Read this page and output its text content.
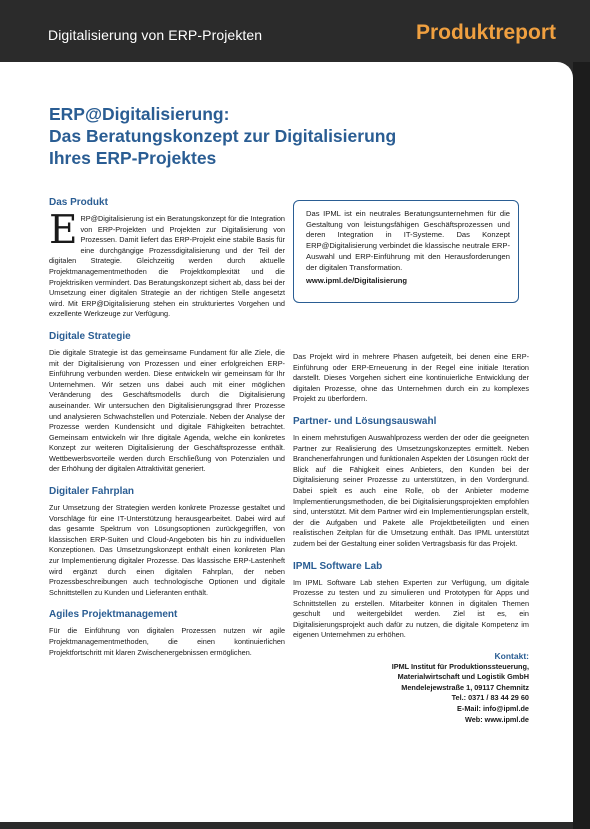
Digitalisierung von ERP-Projekten	Produktreport
ERP@Digitalisierung:
Das Beratungskonzept zur Digitalisierung
Ihres ERP-Projektes
Das Produkt

ERP@Digitalisierung ist ein Beratungskonzept für die Integration von ERP-Projekten und Projekten zur Digitalisierung von Prozessen. Damit liefert das ERP-Projekt eine stabile Basis für eine durchgängige Prozessdigitalisierung und der Teil der digitalen Strategie. Gleichzeitig werden durch aktuelle Projektmanagementmethoden die Projektkomplexität und die Projektrisiken vermindert. Das Beratungskonzept sichert ab, dass bei der Umsetzung einer digitalen Strategie an der richtigen Stelle angesetzt wird. Mit ERP@Digitalisierung stehen ein strukturiertes Vorgehen und exzellente Werkzeuge zur Verfügung.

Digitale Strategie

Die digitale Strategie ist das gemeinsame Fundament für alle Ziele, die mit der Digitalisierung von Prozessen und einer erfolgreichen ERP-Einführung verbunden werden. Diese entwickeln wir gemeinsam für Ihr Unternehmen. Wir setzen uns dabei auch mit einer möglichen Veränderung des Geschäftsmodells durch die Digitalisierung auseinander. Wir untersuchen den Digitalisierungsgrad Ihrer Prozesse und analysieren Schwachstellen und Potenziale. Neben der Analyse der Prozesse werden Kundensicht und digitale Fähigkeiten betrachtet. Gemeinsam entwickeln wir Ihre digitale Agenda, welche ein konkretes Konzept zur weiteren Digitalisierung der Geschäftsprozesse enthält. Wettbewerbsvorteile werden durch Erschließung von Potenzialen und der Erhöhung der digitalen Attraktivität generiert.

Digitaler Fahrplan

Zur Umsetzung der Strategien werden konkrete Prozesse gestaltet und Vorschläge für eine IT-Unterstützung herausgearbeitet. Dabei wird auf das gesamte Spektrum von Lösungsoptionen zurückgegriffen, von klassischen ERP-Suiten und Cloud-Angeboten bis hin zu individuellen Konzeptionen. Das Umsetzungskonzept enthält einen konkreten Plan zur Implementierung digitaler Prozesse. Das klassische ERP-Lastenheft wird ergänzt durch einen digitalen Fahrplan, der neben Prozessbeschreibungen auch technologische Optionen und digitale Schnittstellen zu Kunden und Lieferanten enthält.

Agiles Projektmanagement

Für die Einführung von digitalen Prozessen nutzen wir agile Projektmanagementmethoden, die einen kontinuierlichen Projektfortschritt mit klaren Zwischenergebnissen ermöglichen.

Das IPML ist ein neutrales Beratungsunternehmen für die Gestaltung von leistungsfähigen Geschäftsprozessen und deren Integration in IT-Systeme. Das Konzept ERP@Digitalisierung verbindet die klassische neutrale ERP-Auswahl und ERP-Einführung mit den Herausforderungen der digitalen Transformation.

www.ipml.de/Digitalisierung

Das Projekt wird in mehrere Phasen aufgeteilt, bei denen eine ERP-Einführung oder ERP-Erneuerung in der Regel eine initiale Iteration darstellt. Dieses Vorgehen sichert eine kontinuierliche Entwicklung der digitalen Prozesse, ohne das Unternehmen durch ein zu komplexes Projekt zu überfordern.

Partner- und Lösungsauswahl

In einem mehrstufigen Auswahlprozess werden der oder die geeigneten Partner zur Realisierung des Umsetzungskonzeptes ermittelt. Neben Branchenerfahrungen und funktionalen Aspekten der Lösungen rückt der Blick auf die Fähigkeit eines Anbieters, den Kunden bei der Digitalisierung seiner Prozesse zu unterstützen, in den Vordergrund. Dabei spielt es auch eine Rolle, ob der Anbieter moderne Implementierungsmethoden, die bei Digitalisierungsprojekten empfohlen sind, unterstützt. Mit dem Partner wird ein Implementierungsplan erstellt, der die Aufgaben und Pakete alle Projektbeteiligten und einen realistischen Zeitplan für die Umsetzung enthält. Das IPML unterstützt zudem bei der Gestaltung einer soliden Vertragsbasis für das Projekt.

IPML Software Lab

Im IPML Software Lab stehen Experten zur Verfügung, um digitale Prozesse zu testen und zu simulieren und Prototypen für Apps und Schnittstellen zu erstellen. Mitarbeiter können in digitalen Themen geschult und weitergebildet werden. Ziel ist es, ein Digitalisierungsprojekt auch dafür zu nutzen, die digitale Kompetenz im eigenen Unternehmen zu erhöhen.

Kontakt:
IPML Institut für Produktionssteuerung,
Materialwirtschaft und Logistik GmbH
Mendelejewstraße 1, 09117 Chemnitz
Tel.: 0371 / 83 44 29 60
E-Mail: info@ipml.de
Web: www.ipml.de
